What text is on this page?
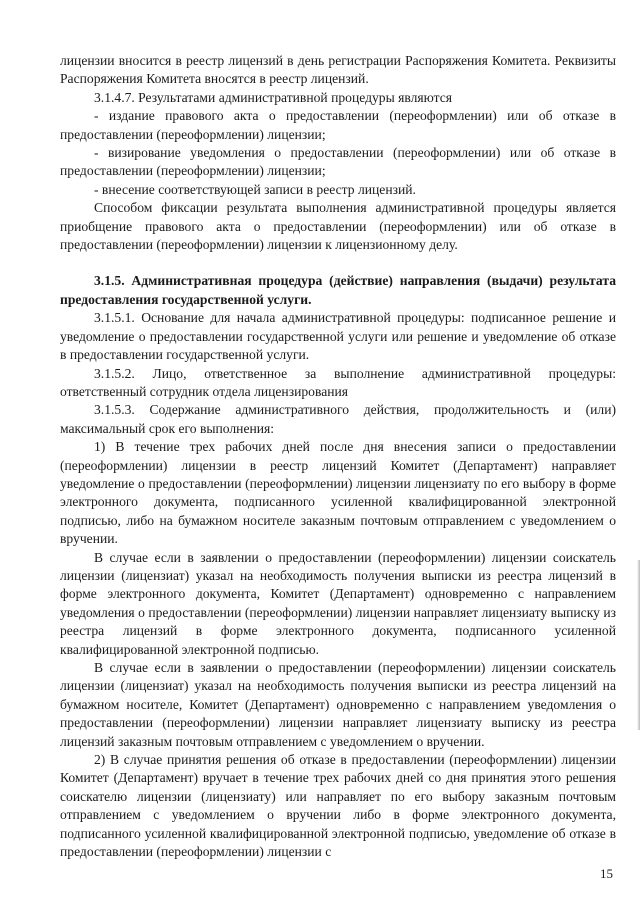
лицензии вносится в реестр лицензий в день регистрации Распоряжения Комитета. Реквизиты Распоряжения Комитета вносятся в реестр лицензий.

3.1.4.7. Результатами административной процедуры являются

- издание правового акта о предоставлении (переоформлении) или об отказе в предоставлении (переоформлении) лицензии;

- визирование уведомления о предоставлении (переоформлении) или об отказе в предоставлении (переоформлении) лицензии;

- внесение соответствующей записи в реестр лицензий.

Способом фиксации результата выполнения административной процедуры является приобщение правового акта о предоставлении (переоформлении) или об отказе в предоставлении (переоформлении) лицензии к лицензионному делу.

3.1.5. Административная процедура (действие) направления (выдачи) результата предоставления государственной услуги.

3.1.5.1. Основание для начала административной процедуры: подписанное решение и уведомление о предоставлении государственной услуги или решение и уведомление об отказе в предоставлении государственной услуги.

3.1.5.2. Лицо, ответственное за выполнение административной процедуры: ответственный сотрудник отдела лицензирования

3.1.5.3. Содержание административного действия, продолжительность и (или) максимальный срок его выполнения:

1) В течение трех рабочих дней после дня внесения записи о предоставлении (переоформлении) лицензии в реестр лицензий Комитет (Департамент) направляет уведомление о предоставлении (переоформлении) лицензии лицензиату по его выбору в форме электронного документа, подписанного усиленной квалифицированной электронной подписью, либо на бумажном носителе заказным почтовым отправлением с уведомлением о вручении.

В случае если в заявлении о предоставлении (переоформлении) лицензии соискатель лицензии (лицензиат) указал на необходимость получения выписки из реестра лицензий в форме электронного документа, Комитет (Департамент) одновременно с направлением уведомления о предоставлении (переоформлении) лицензии направляет лицензиату выписку из реестра лицензий в форме электронного документа, подписанного усиленной квалифицированной электронной подписью.

В случае если в заявлении о предоставлении (переоформлении) лицензии соискатель лицензии (лицензиат) указал на необходимость получения выписки из реестра лицензий на бумажном носителе, Комитет (Департамент) одновременно с направлением уведомления о предоставлении (переоформлении) лицензии направляет лицензиату выписку из реестра лицензий заказным почтовым отправлением с уведомлением о вручении.

2) В случае принятия решения об отказе в предоставлении (переоформлении) лицензии Комитет (Департамент) вручает в течение трех рабочих дней со дня принятия этого решения соискателю лицензии (лицензиату) или направляет по его выбору заказным почтовым отправлением с уведомлением о вручении либо в форме электронного документа, подписанного усиленной квалифицированной электронной подписью, уведомление об отказе в предоставлении (переоформлении) лицензии с

15
